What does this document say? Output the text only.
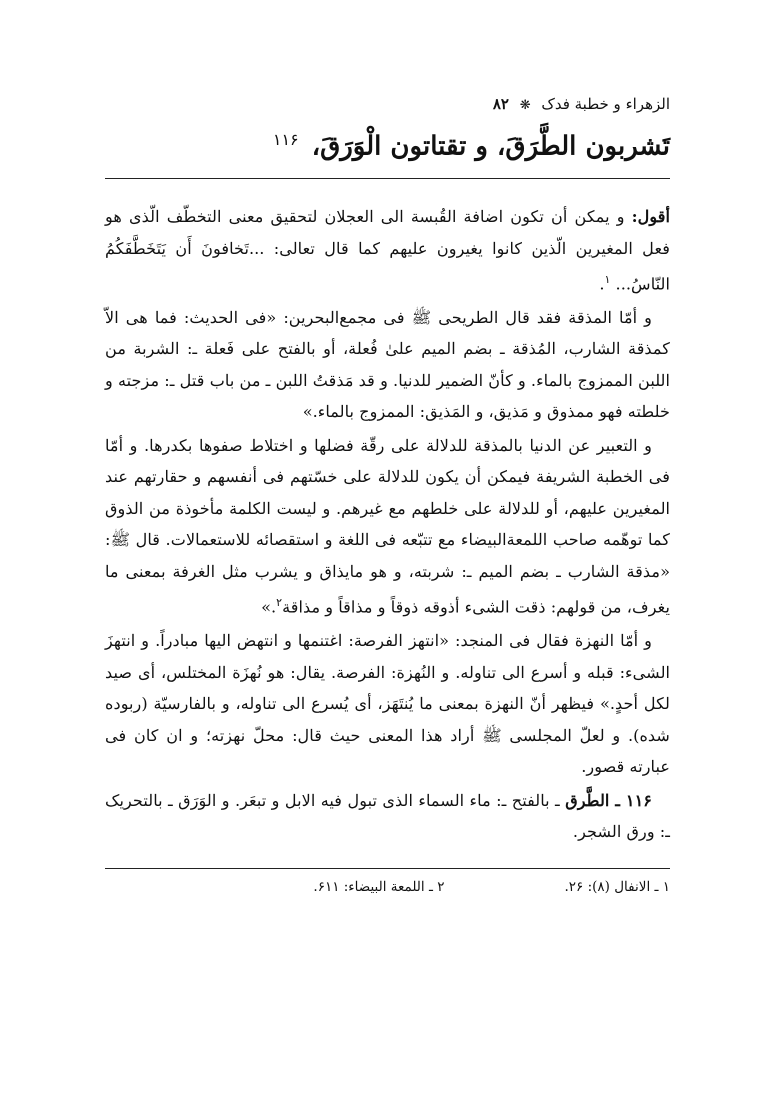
الزهراء و خطبة فدک ❋ ۸۲
تَشربون الطَّرَقَ، و تقتاتون الْوَرَقَ، $^{۱۱۶}$

أقول: و يمكن أن تكون اضافة القُبسة الى العجلان لتحقيق معنى التخطّف الّذى هو فعل المغيرين الّذين كانوا يغيرون عليهم كما قال تعالى: ...تَخافونَ أَن يَتَخَطَّفَكُمُ النّاسُ... $^۱$.

و أمّا المذقة فقد قال الطريحى ﷺ فى مجمع‌البحرين: «فى الحديث: فما هى الاّ كمذقة الشارب، المُذقة ـ بضم الميم علىٰ فُعلة، أو بالفتح على فَعلة ـ: الشربة من اللبن الممزوج بالماء. و كأنّ الضمير للدنيا. و قد مَذقتُ اللبن ـ من باب قتل ـ: مزجته و خلطته فهو ممذوق و مَذيق، و المَذيق: الممزوج بالماء.»

و التعبير عن الدنيا بالمذقة للدلالة على رقّة فضلها و اختلاط صفوها بكدرها. و أمّا فى الخطبة الشريفة فيمكن أن يكون للدلالة على خسّتهم فى أنفسهم و حقارتهم عند المغيرين عليهم، أو للدلالة على خلطهم مع غيرهم. و ليست الكلمة مأخوذة من الذوق كما توهّمه صاحب اللمعةالبيضاء مع تتبّعه فى اللغة و استقصائه للاستعمالات. قال ﷺ: «مذقة الشارب ـ بضم الميم ـ: شربته، و هو مايذاق و يشرب مثل الغرفة بمعنى ما يغرف، من قولهم: ذقت الشىء أذوقه ذوقاً و مذاقاً و مذاقة$^۲$.»

و أمّا النهزة فقال فى المنجد: «انتهز الفرصة: اغتنمها و انتهض اليها مبادراً. و انتهزَ الشىء: قبله و أسرع الى تناوله. و النُهزة: الفرصة. يقال: هو نُهزَة المختلس، أى صيد لكل أحدٍ.» فيظهر أنّ النهزة بمعنى ما يُنتَهَز، أى يُسرع الى تناوله، و بالفارسيّة (ربوده شده). و لعلّ المجلسى ﷺ أراد هذا المعنى حيث قال: محلّ نهزته؛ و ان كان فى عبارته قصور.

۱۱۶ ـ الطَّرق ـ بالفتح ـ: ماء السماء الذى تبول فيه الابل و تبعَر. و الوَرَق ـ بالتحريک ـ: ورق الشجر.

۱ ـ الانفال (۸): ۲۶.
۲ ـ اللمعة البيضاء: ۶۱۱.
